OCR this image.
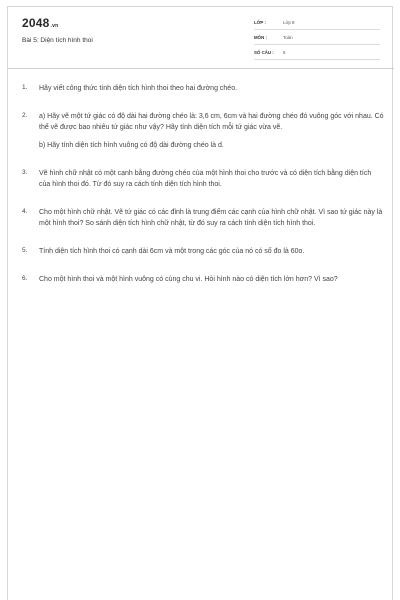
2048.vn
Bài 5: Diện tích hình thoi
LỚP :	Lớp 8
MÔN :	Toán
SỐ CÂU : 6
1. Hãy viết công thức tính diện tích hình thoi theo hai đường chéo.
2. a) Hãy vẽ một tứ giác có độ dài hai đường chéo là: 3,6 cm, 6cm và hai đường chéo đó vuông góc với nhau. Có thể vẽ được bao nhiêu tứ giác như vậy? Hãy tính diện tích mỗi tứ giác vừa vẽ.
b) Hãy tính diện tích hình vuông có độ dài đường chéo là d.
3. Vẽ hình chữ nhật có một cạnh bằng đường chéo của một hình thoi cho trước và có diện tích bằng diện tích của hình thoi đó. Từ đó suy ra cách tính diện tích hình thoi.
4. Cho một hình chữ nhật. Vẽ tứ giác có các đỉnh là trung điểm các cạnh của hình chữ nhật. Vì sao tứ giác này là một hình thoi? So sánh diện tích hình chữ nhật, từ đó suy ra cách tính diện tích hình thoi.
5. Tính diện tích hình thoi có cạnh dài 6cm và một trong các góc của nó có số đo là 60o.
6. Cho một hình thoi và một hình vuông có cùng chu vi. Hỏi hình nào có diện tích lớn hơn? Vì sao?
